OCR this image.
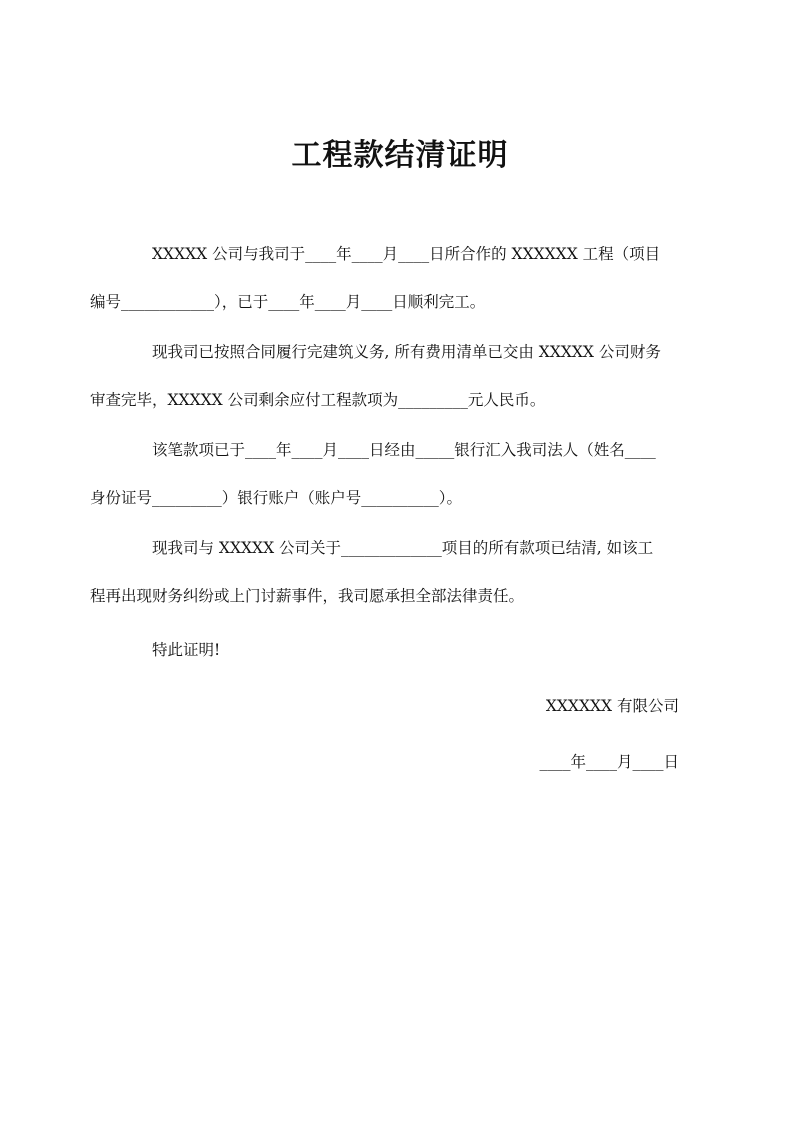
工程款结清证明

XXXXX 公司与我司于____年____月____日所合作的 XXXXXX 工程（项目
编号____________），已于____年____月____日顺利完工。

现我司已按照合同履行完建筑义务, 所有费用清单已交由 XXXXX 公司财务
审查完毕，XXXXX 公司剩余应付工程款项为_________元人民币。

该笔款项已于____年____月____日经由_____银行汇入我司法人（姓名____
身份证号_________）银行账户（账户号__________）。

现我司与 XXXXX 公司关于_____________项目的所有款项已结清, 如该工
程再出现财务纠纷或上门讨薪事件，我司愿承担全部法律责任。

特此证明!

XXXXXX 有限公司
____年____月____日
